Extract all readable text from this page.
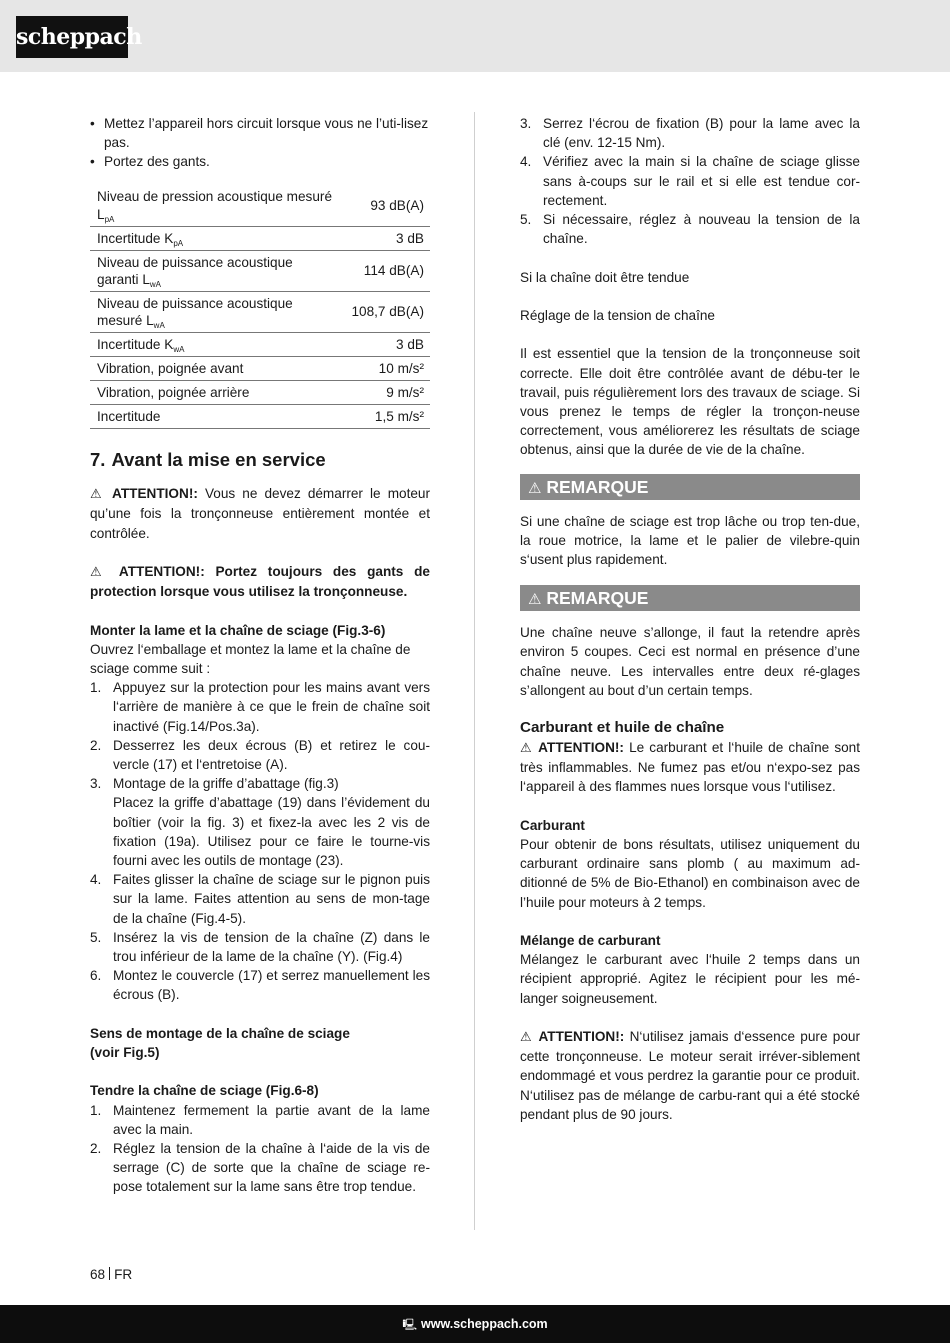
scheppach

• Mettez l’appareil hors circuit lorsque vous ne l’uti-lisez pas.

• Portez des gants.

Niveau de pression acoustique mesuré $L_{pA}$	93 dB(A)
Incertitude $K_{pA}$	3 dB
Niveau de puissance acoustique garanti $L_{wA}$	114 dB(A)
Niveau de puissance acoustique mesuré $L_{wA}$	108,7 dB(A)
Incertitude $K_{wA}$	3 dB
Vibration, poignée avant	10 m/s²
Vibration, poignée arrière	9 m/s²
Incertitude	1,5 m/s²
7. Avant la mise en service

⚠ ATTENTION!: Vous ne devez démarrer le moteur qu’une fois la tronçonneuse entièrement montée et contrôlée.

⚠ ATTENTION!: Portez toujours des gants de protection lorsque vous utilisez la tronçonneuse.

Monter la lame et la chaîne de sciage (Fig.3-6)

Ouvrez l‘emballage et montez la lame et la chaîne de sciage comme suit :

1. Appuyez sur la protection pour les mains avant vers l‘arrière de manière à ce que le frein de chaîne soit inactivé (Fig.14/Pos.3a).

2. Desserrez les deux écrous (B) et retirez le cou-vercle (17) et l‘entretoise (A).

3. Montage de la griffe d’abattage (fig.3)

Placez la griffe d’abattage (19) dans l’évidement du boîtier (voir la fig. 3) et fixez-la avec les 2 vis de fixation (19a). Utilisez pour ce faire le tourne-vis fourni avec les outils de montage (23).

4. Faites glisser la chaîne de sciage sur le pignon puis sur la lame. Faites attention au sens de mon-tage de la chaîne (Fig.4-5).

5. Insérez la vis de tension de la chaîne (Z) dans le trou inférieur de la lame de la chaîne (Y). (Fig.4)

6. Montez le couvercle (17) et serrez manuellement les écrous (B).

Sens de montage de la chaîne de sciage

(voir Fig.5)

Tendre la chaîne de sciage (Fig.6-8)

1. Maintenez fermement la partie avant de la lame avec la main.

2. Réglez la tension de la chaîne à l‘aide de la vis de serrage (C) de sorte que la chaîne de sciage re-pose totalement sur la lame sans être trop tendue.

3. Serrez l‘écrou de fixation (B) pour la lame avec la clé (env. 12-15 Nm).

4. Vérifiez avec la main si la chaîne de sciage glisse sans à-coups sur le rail et si elle est tendue cor-rectement.

5. Si nécessaire, réglez à nouveau la tension de la chaîne.

Si la chaîne doit être tendue

Réglage de la tension de chaîne

Il est essentiel que la tension de la tronçonneuse soit correcte. Elle doit être contrôlée avant de débu-ter le travail, puis régulièrement lors des travaux de sciage. Si vous prenez le temps de régler la tronçon-neuse correctement, vous améliorerez les résultats de sciage obtenus, ainsi que la durée de vie de la chaîne.

⚠ REMARQUE

Si une chaîne de sciage est trop lâche ou trop ten-due, la roue motrice, la lame et le palier de vilebre-quin s‘usent plus rapidement.

⚠ REMARQUE

Une chaîne neuve s’allonge, il faut la retendre après environ 5 coupes. Ceci est normal en présence d’une chaîne neuve. Les intervalles entre deux ré-glages s’allongent au bout d’un certain temps.

Carburant et huile de chaîne

⚠ ATTENTION!: Le carburant et l‘huile de chaîne sont très inflammables. Ne fumez pas et/ou n‘expo-sez pas l‘appareil à des flammes nues lorsque vous l‘utilisez.

Carburant

Pour obtenir de bons résultats, utilisez uniquement du carburant ordinaire sans plomb ( au maximum ad-ditionné de 5% de Bio-Ethanol) en combinaison avec de l’huile pour moteurs à 2 temps.

Mélange de carburant

Mélangez le carburant avec l‘huile 2 temps dans un récipient approprié. Agitez le récipient pour les mé-langer soigneusement.

⚠ ATTENTION!: N‘utilisez jamais d‘essence pure pour cette tronçonneuse. Le moteur serait irréver-siblement endommagé et vous perdrez la garantie pour ce produit. N‘utilisez pas de mélange de carbu-rant qui a été stocké pendant plus de 90 jours.

68 FR
🖳 www.scheppach.com
